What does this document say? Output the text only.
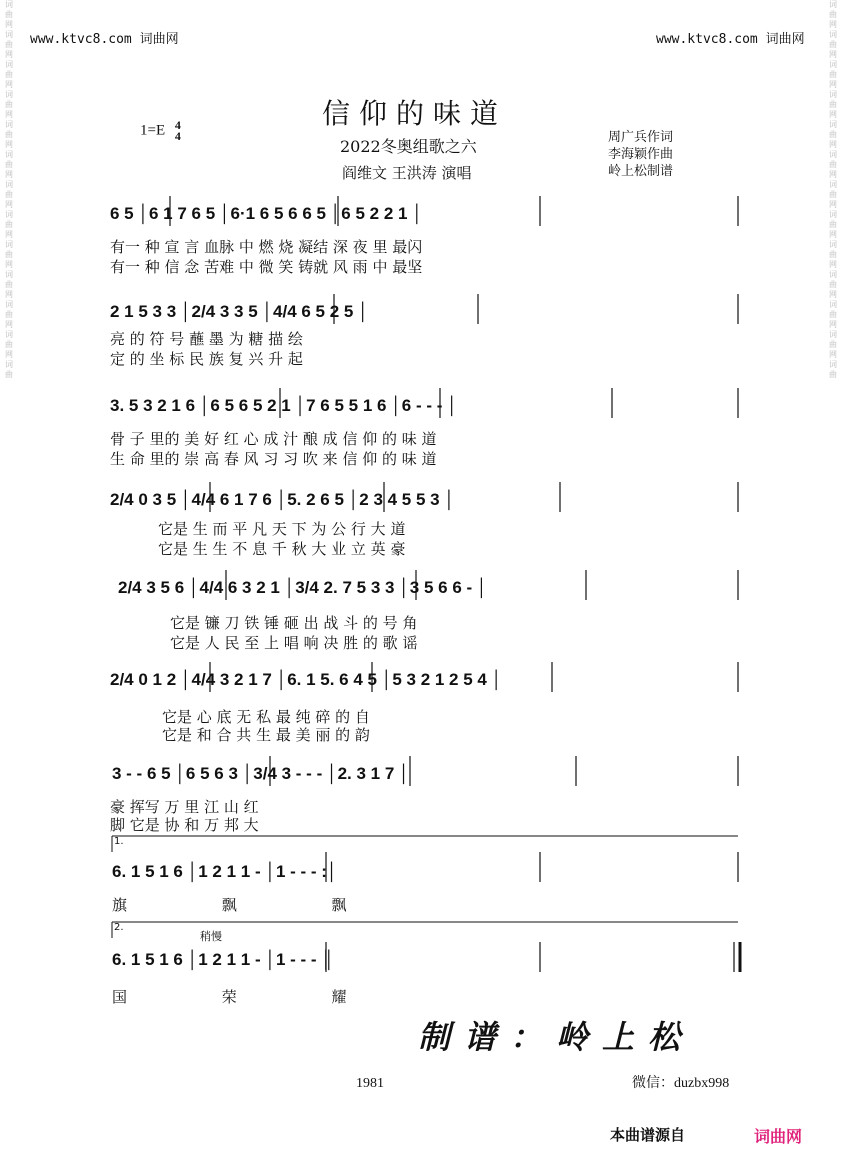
词
曲
网
词
曲
网
词
曲
网
词
曲
网
词
曲
网
词
曲
网
词
曲
网
词
曲
网
词
曲
网
词
曲
网
词
曲
网
词
曲
网
词
曲
词
曲
网
词
曲
网
词
曲
网
词
曲
网
词
曲
网
词
曲
网
词
曲
网
词
曲
网
词
曲
网
词
曲
网
词
曲
网
词
曲
网
词
曲
www.ktvc8.com 词曲网	www.ktvc8.com 词曲网
信仰的味道
2022冬奥组歌之六
阎维文 王洪涛 演唱
1=E 4
4	周广兵作词
李海颖作曲
岭上松制谱
6 5 │6 1 7 6 5 │6·1 6 5 6 6 5 │6 5 2 2 1 │
有一 种 宣 言 血脉 中 燃 烧 凝结 深 夜 里 最闪
有一 种 信 念 苦难 中 微 笑 铸就 风 雨 中 最坚
2 1 5 3 3 │2/4 3 3 5 │4/4 6 5 2 5 │
亮 的 符 号 蘸 墨 为 糖 描 绘
定 的 坐 标 民 族 复 兴 升 起
3. 5 3 2 1 6 │6 5 6 5 2 1 │7 6 5 5 1 6 │6 - - - │
骨 子 里的 美 好 红 心 成 汁 酿 成 信 仰 的 味 道
生 命 里的 崇 高 春 风 习 习 吹 来 信 仰 的 味 道
2/4 0 3 5 │4/4 6 1 7 6 │5. 2 6 5 │2 3 4 5 5 3 │
它是 生 而 平 凡 天 下 为 公 行 大 道
它是 生 生 不 息 千 秋 大 业 立 英 豪
2/4 3 5 6 │4/4 6 3 2 1 │3/4 2. 7 5 3 3 │3 5 6 6 - │
它是 镰 刀 铁 锤 砸 出 战 斗 的 号 角
它是 人 民 至 上 唱 响 决 胜 的 歌 谣
2/4 0 1 2 │4/4 3 2 1 7 │6. 1 5. 6 4 5 │5 3 2 1 2 5 4 │
它是 心 底 无 私 最 纯 碎 的 自
它是 和 合 共 生 最 美 丽 的 韵
3 - - 6 5 │6 5 6 3 │3/4 3 - - - │2. 3 1 7 │
豪 挥写 万 里 江 山 红
脚 它是 协 和 万 邦 大
1.
6. 1 5 1 6 │1 2 1 1 - │1 - - - :│
旗 飘 飘
2.
稍慢
6. 1 5 1 6 │1 2 1 1 - │1 - - - ║
国 荣 耀
制谱：岭上松
1981	微信：duzbx998
本曲谱源自	词曲网
